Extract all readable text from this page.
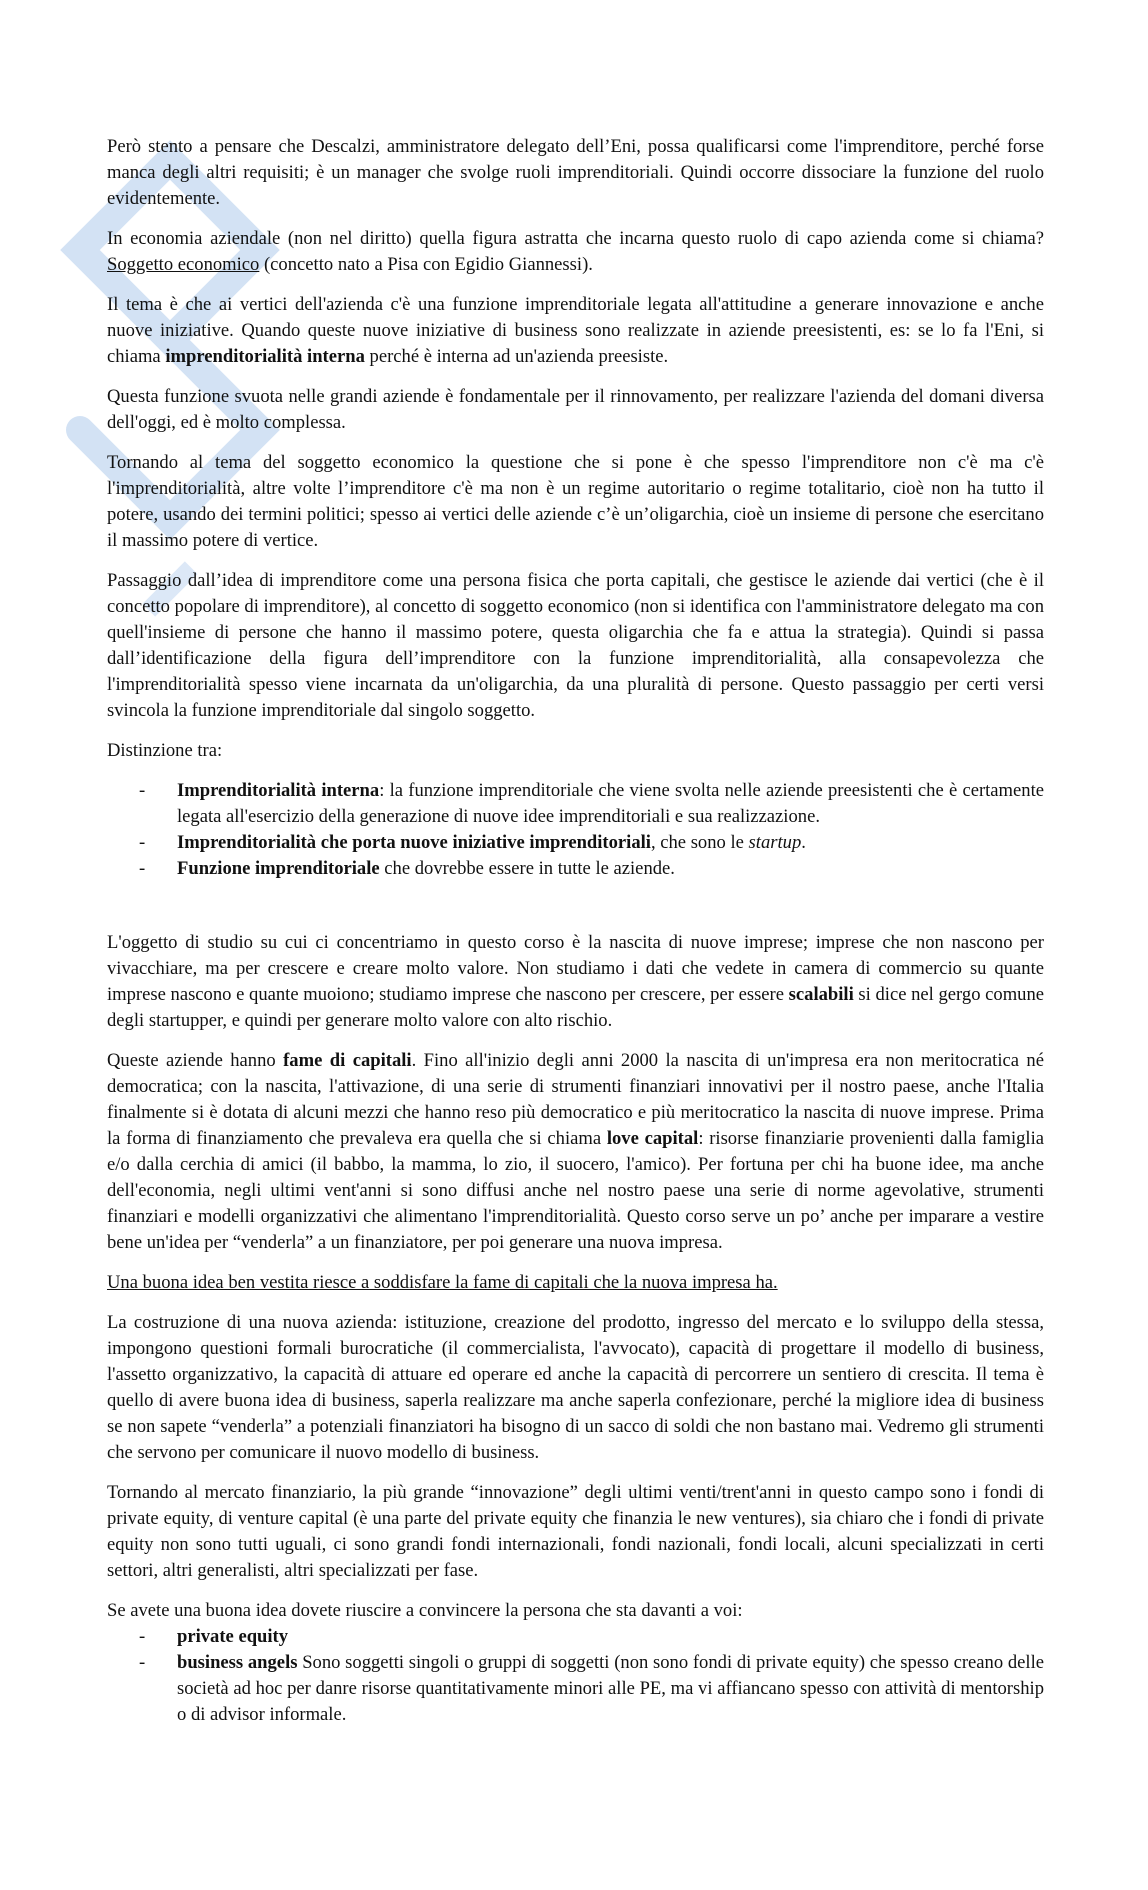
Però stento a pensare che Descalzi, amministratore delegato dell’Eni, possa qualificarsi come l'imprenditore, perché forse manca degli altri requisiti; è un manager che svolge ruoli imprenditoriali. Quindi occorre dissociare la funzione del ruolo evidentemente.

In economia aziendale (non nel diritto) quella figura astratta che incarna questo ruolo di capo azienda come si chiama? Soggetto economico (concetto nato a Pisa con Egidio Giannessi).

Il tema è che ai vertici dell'azienda c'è una funzione imprenditoriale legata all'attitudine a generare innovazione e anche nuove iniziative. Quando queste nuove iniziative di business sono realizzate in aziende preesistenti, es: se lo fa l'Eni, si chiama imprenditorialità interna perché è interna ad un'azienda preesiste.

Questa funzione svuota nelle grandi aziende è fondamentale per il rinnovamento, per realizzare l'azienda del domani diversa dell'oggi, ed è molto complessa.

Tornando al tema del soggetto economico la questione che si pone è che spesso l'imprenditore non c'è ma c'è l'imprenditorialità, altre volte l’imprenditore c'è ma non è un regime autoritario o regime totalitario, cioè non ha tutto il potere, usando dei termini politici; spesso ai vertici delle aziende c’è un’oligarchia, cioè un insieme di persone che esercitano il massimo potere di vertice.

Passaggio dall’idea di imprenditore come una persona fisica che porta capitali, che gestisce le aziende dai vertici (che è il concetto popolare di imprenditore), al concetto di soggetto economico (non si identifica con l'amministratore delegato ma con quell'insieme di persone che hanno il massimo potere, questa oligarchia che fa e attua la strategia). Quindi si passa dall’identificazione della figura dell’imprenditore con la funzione imprenditorialità, alla consapevolezza che l'imprenditorialità spesso viene incarnata da un'oligarchia, da una pluralità di persone. Questo passaggio per certi versi svincola la funzione imprenditoriale dal singolo soggetto.

Distinzione tra:

- Imprenditorialità interna: la funzione imprenditoriale che viene svolta nelle aziende preesistenti che è certamente legata all'esercizio della generazione di nuove idee imprenditoriali e sua realizzazione.
- Imprenditorialità che porta nuove iniziative imprenditoriali, che sono le startup.
- Funzione imprenditoriale che dovrebbe essere in tutte le aziende.

L'oggetto di studio su cui ci concentriamo in questo corso è la nascita di nuove imprese; imprese che non nascono per vivacchiare, ma per crescere e creare molto valore. Non studiamo i dati che vedete in camera di commercio su quante imprese nascono e quante muoiono; studiamo imprese che nascono per crescere, per essere scalabili si dice nel gergo comune degli startupper, e quindi per generare molto valore con alto rischio.

Queste aziende hanno fame di capitali. Fino all'inizio degli anni 2000 la nascita di un'impresa era non meritocratica né democratica; con la nascita, l'attivazione, di una serie di strumenti finanziari innovativi per il nostro paese, anche l'Italia finalmente si è dotata di alcuni mezzi che hanno reso più democratico e più meritocratico la nascita di nuove imprese. Prima la forma di finanziamento che prevaleva era quella che si chiama love capital: risorse finanziarie provenienti dalla famiglia e/o dalla cerchia di amici (il babbo, la mamma, lo zio, il suocero, l'amico). Per fortuna per chi ha buone idee, ma anche dell'economia, negli ultimi vent'anni si sono diffusi anche nel nostro paese una serie di norme agevolative, strumenti finanziari e modelli organizzativi che alimentano l'imprenditorialità. Questo corso serve un po’ anche per imparare a vestire bene un'idea per “venderla” a un finanziatore, per poi generare una nuova impresa.

Una buona idea ben vestita riesce a soddisfare la fame di capitali che la nuova impresa ha.

La costruzione di una nuova azienda: istituzione, creazione del prodotto, ingresso del mercato e lo sviluppo della stessa, impongono questioni formali burocratiche (il commercialista, l'avvocato), capacità di progettare il modello di business, l'assetto organizzativo, la capacità di attuare ed operare ed anche la capacità di percorrere un sentiero di crescita. Il tema è quello di avere buona idea di business, saperla realizzare ma anche saperla confezionare, perché la migliore idea di business se non sapete “venderla” a potenziali finanziatori ha bisogno di un sacco di soldi che non bastano mai. Vedremo gli strumenti che servono per comunicare il nuovo modello di business.

Tornando al mercato finanziario, la più grande “innovazione” degli ultimi venti/trent'anni in questo campo sono i fondi di private equity, di venture capital (è una parte del private equity che finanzia le new ventures), sia chiaro che i fondi di private equity non sono tutti uguali, ci sono grandi fondi internazionali, fondi nazionali, fondi locali, alcuni specializzati in certi settori, altri generalisti, altri specializzati per fase.

Se avete una buona idea dovete riuscire a convincere la persona che sta davanti a voi:

- private equity
- business angels Sono soggetti singoli o gruppi di soggetti (non sono fondi di private equity) che spesso creano delle società ad hoc per danre risorse quantitativamente minori alle PE, ma vi affiancano spesso con attività di mentorship o di advisor informale.
